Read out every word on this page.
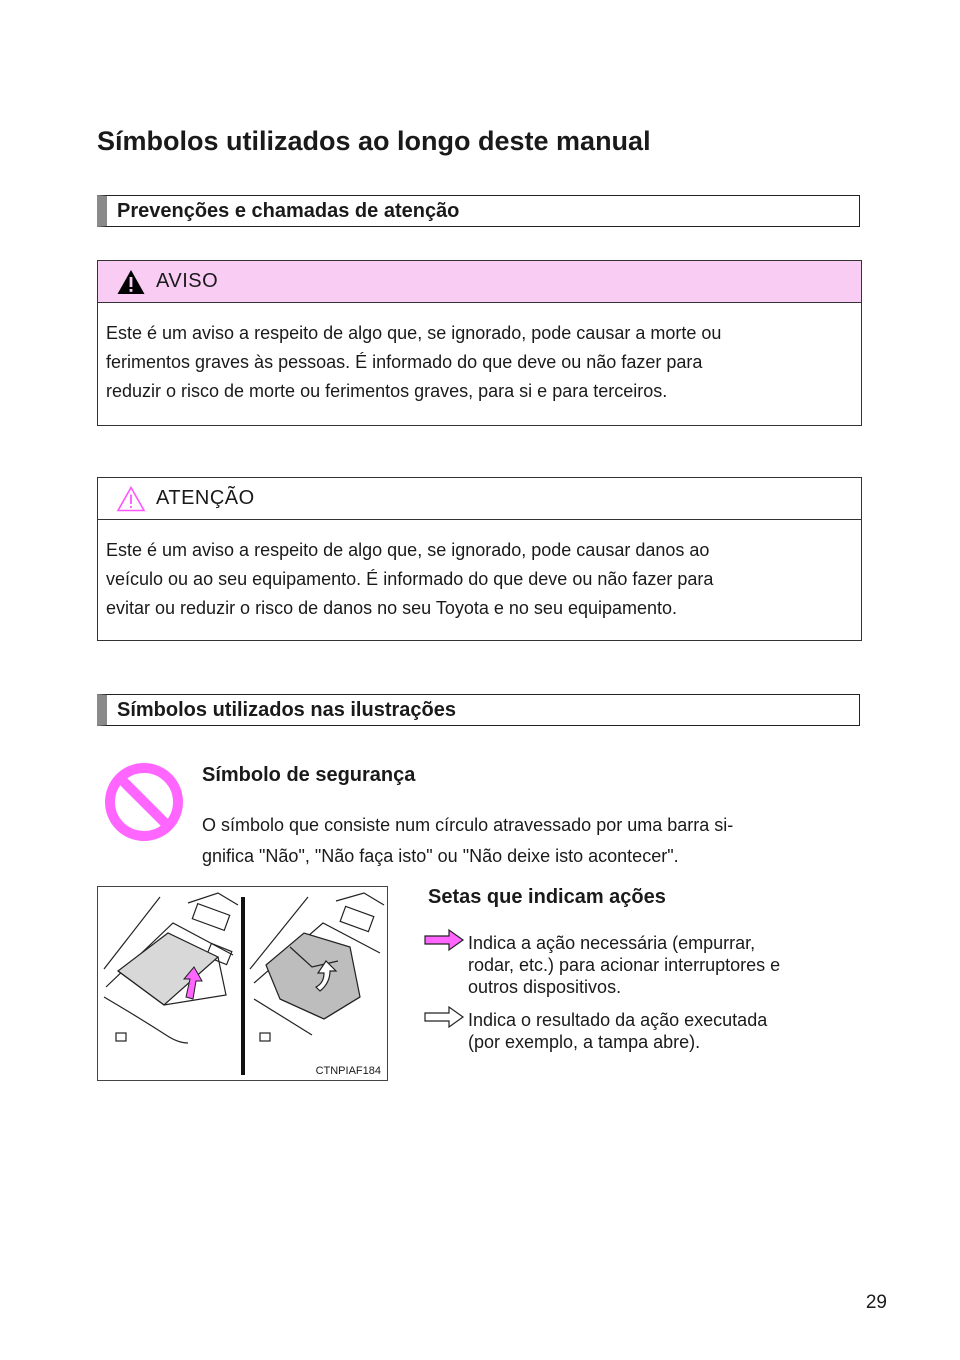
Símbolos utilizados ao longo deste manual
Prevenções e chamadas de atenção
AVISO
Este é um aviso a respeito de algo que, se ignorado, pode causar a morte ou
ferimentos graves às pessoas. É informado do que deve ou não fazer para
reduzir o risco de morte ou ferimentos graves, para si e para terceiros.
ATENÇÃO
Este é um aviso a respeito de algo que, se ignorado, pode causar danos ao
veículo ou ao seu equipamento. É informado do que deve ou não fazer para
evitar ou reduzir o risco de danos no seu Toyota e no seu equipamento.
Símbolos utilizados nas ilustrações
Símbolo de segurança
O símbolo que consiste num círculo atravessado por uma barra si-
gnifica "Não", "Não faça isto" ou "Não deixe isto acontecer".
CTNPIAF184
Setas que indicam ações
Indica a ação necessária (empurrar,
rodar, etc.) para acionar interruptores e
outros dispositivos.
Indica o resultado da ação executada
(por exemplo, a tampa abre).

29
